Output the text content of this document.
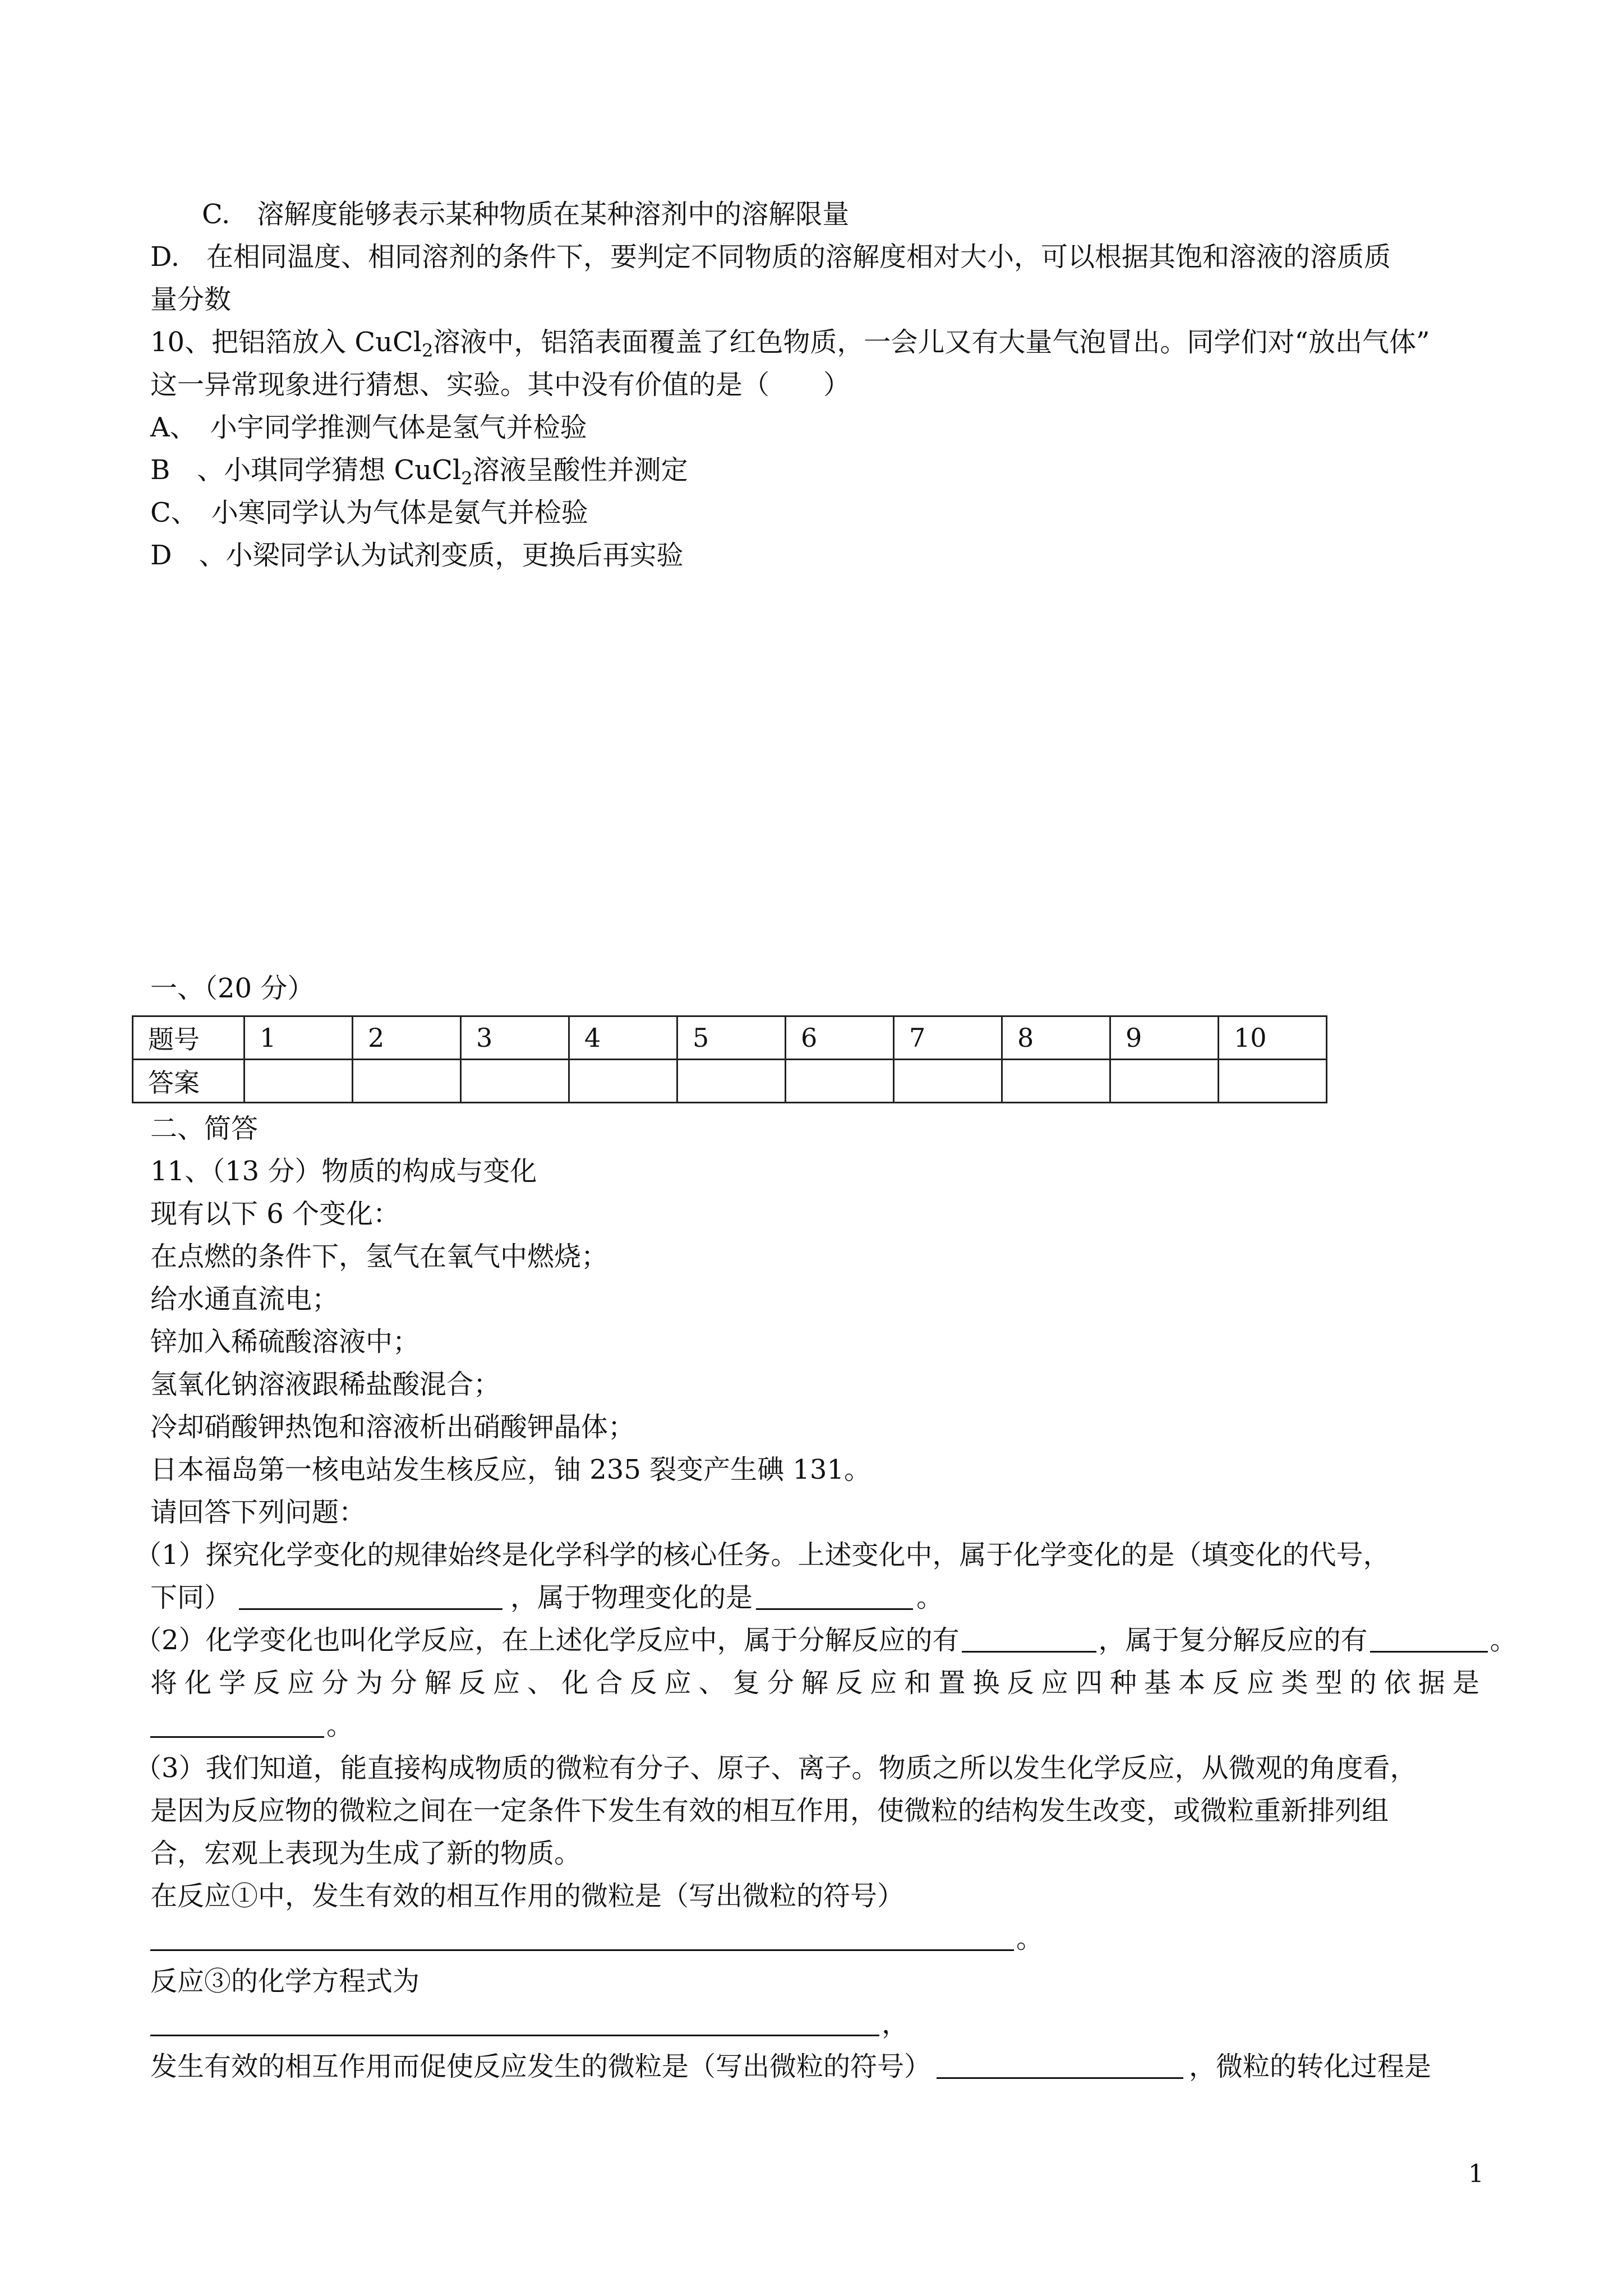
C.　溶解度能够表示某种物质在某种溶剂中的溶解限量
D.　在相同温度、相同溶剂的条件下，要判定不同物质的溶解度相对大小，可以根据其饱和溶液的溶质质
量分数
10、把铝箔放入 CuCl$_2$溶液中，铝箔表面覆盖了红色物质，一会儿又有大量气泡冒出。同学们对“放出气体”
这一异常现象进行猜想、实验。其中没有价值的是（　　）
A、　小宇同学推测气体是氢气并检验
B　、小琪同学猜想 CuCl$_2$溶液呈酸性并测定
C、　小寒同学认为气体是氨气并检验
D　、小梁同学认为试剂变质，更换后再实验
一、（20 分）
题号	1	2	3	4	5	6	7	8	9	10
答案										
二、简答
11、（13 分）物质的构成与变化
现有以下 6 个变化：
在点燃的条件下，氢气在氧气中燃烧；
给水通直流电；
锌加入稀硫酸溶液中；
氢氧化钠溶液跟稀盐酸混合；
冷却硝酸钾热饱和溶液析出硝酸钾晶体；
日本福岛第一核电站发生核反应，铀 235 裂变产生碘 131。
请回答下列问题：
（1）探究化学变化的规律始终是化学科学的核心任务。上述变化中，属于化学变化的是（填变化的代号，
下同）	，属于物理变化的是	。
（2）化学变化也叫化学反应，在上述化学反应中，属于分解反应的有	，属于复分解反应的有	。
将化学反应分为分解反应、化合反应、复分解反应和置换反应四种基本反应类型的依据是
。
（3）我们知道，能直接构成物质的微粒有分子、原子、离子。物质之所以发生化学反应，从微观的角度看，
是因为反应物的微粒之间在一定条件下发生有效的相互作用，使微粒的结构发生改变，或微粒重新排列组
合，宏观上表现为生成了新的物质。
在反应①中，发生有效的相互作用的微粒是（写出微粒的符号）
。
反应③的化学方程式为
，
发生有效的相互作用而促使反应发生的微粒是（写出微粒的符号）	，微粒的转化过程是
1
